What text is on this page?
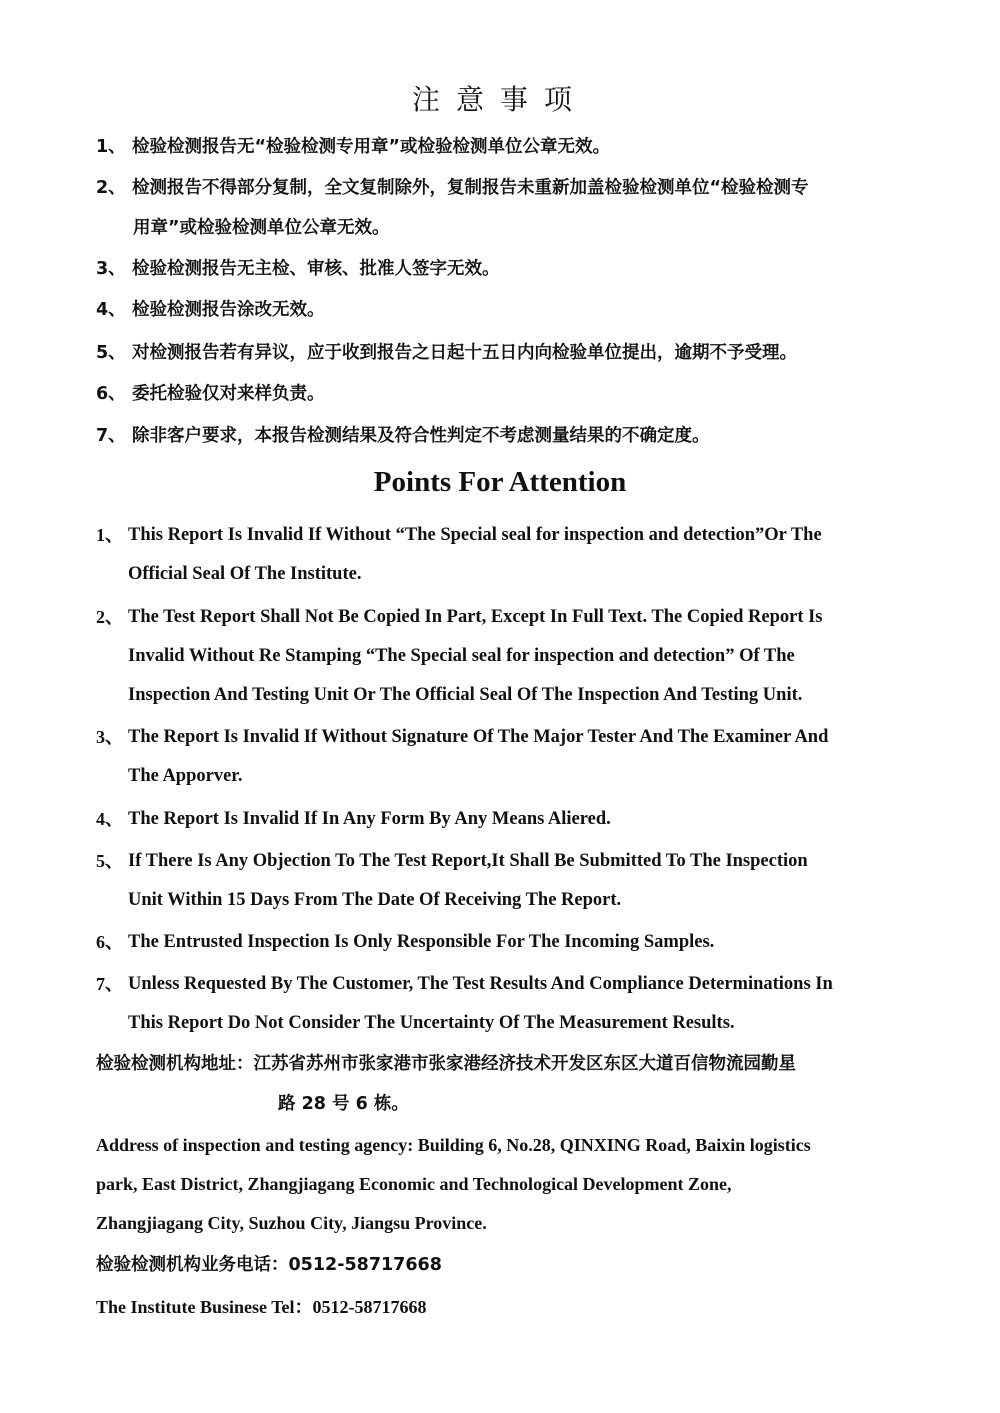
注意事项
1、 检验检测报告无“检验检测专用章”或检验检测单位公章无效。
2、 检测报告不得部分复制，全文复制除外，复制报告未重新加盖检验检测单位“检验检测专
用章”或检验检测单位公章无效。
3、 检验检测报告无主检、审核、批准人签字无效。
4、 检验检测报告涂改无效。
5、 对检测报告若有异议，应于收到报告之日起十五日内向检验单位提出，逾期不予受理。
6、 委托检验仅对来样负责。
7、 除非客户要求，本报告检测结果及符合性判定不考虑测量结果的不确定度。
Points For Attention
1、 This Report Is Invalid If Without “The Special seal for inspection and detection”Or The
Official Seal Of The Institute.
2、 The Test Report Shall Not Be Copied In Part, Except In Full Text. The Copied Report Is
Invalid Without Re Stamping “The Special seal for inspection and detection” Of The
Inspection And Testing Unit Or The Official Seal Of The Inspection And Testing Unit.
3、 The Report Is Invalid If Without Signature Of The Major Tester And The Examiner And
The Apporver.
4、 The Report Is Invalid If In Any Form By Any Means Aliered.
5、 If There Is Any Objection To The Test Report,It Shall Be Submitted To The Inspection
Unit Within 15 Days From The Date Of Receiving The Report.
6、 The Entrusted Inspection Is Only Responsible For The Incoming Samples.
7、 Unless Requested By The Customer, The Test Results And Compliance Determinations In
This Report Do Not Consider The Uncertainty Of The Measurement Results.
检验检测机构地址：江苏省苏州市张家港市张家港经济技术开发区东区大道百信物流园勤星
路 28 号 6 栋。
Address of inspection and testing agency: Building 6, No.28, QINXING Road, Baixin logistics
park, East District, Zhangjiagang Economic and Technological Development Zone,
Zhangjiagang City, Suzhou City, Jiangsu Province.
检验检测机构业务电话：0512-58717668
The Institute Businese Tel：0512-58717668
